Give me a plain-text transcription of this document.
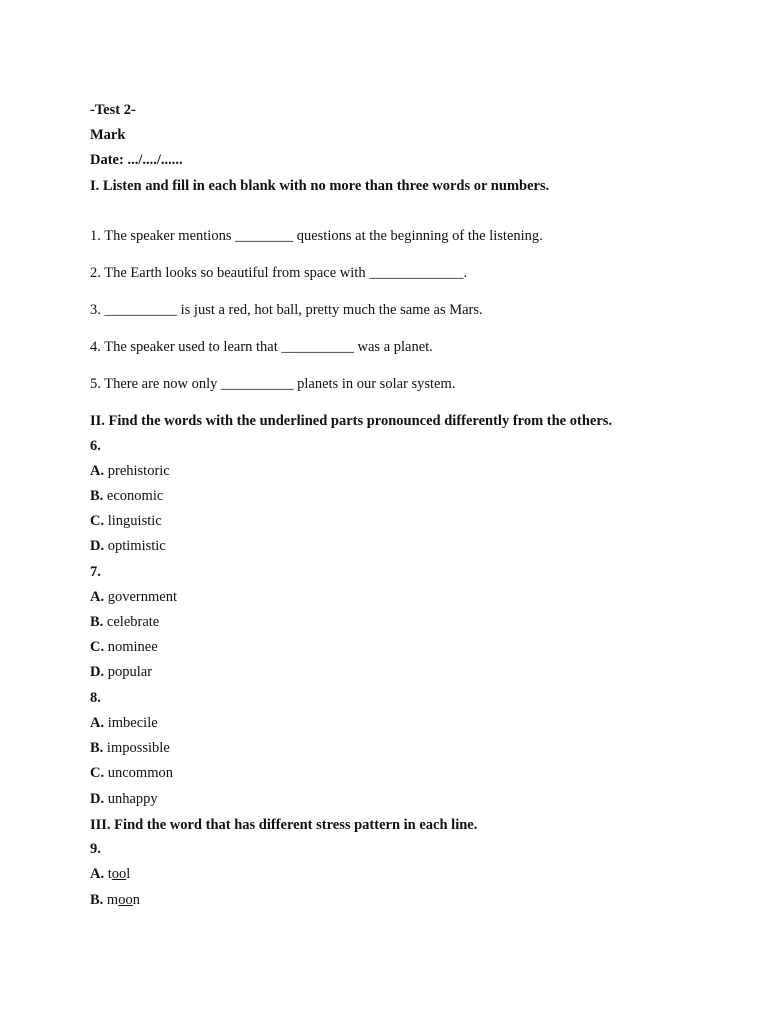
-Test 2-
Mark
Date: .../..../......
I. Listen and fill in each blank with no more than three words or numbers.
1. The speaker mentions ________ questions at the beginning of the listening.
2. The Earth looks so beautiful from space with _____________.
3. __________ is just a red, hot ball, pretty much the same as Mars.
4. The speaker used to learn that __________ was a planet.
5. There are now only __________ planets in our solar system.
II. Find the words with the underlined parts pronounced differently from the others.
6.
A. prehistoric
B. economic
C. linguistic
D. optimistic
7.
A. government
B. celebrate
C. nominee
D. popular
8.
A. imbecile
B. impossible
C. uncommon
D. unhappy
III. Find the word that has different stress pattern in each line.
9.
A. tool
B. moon
